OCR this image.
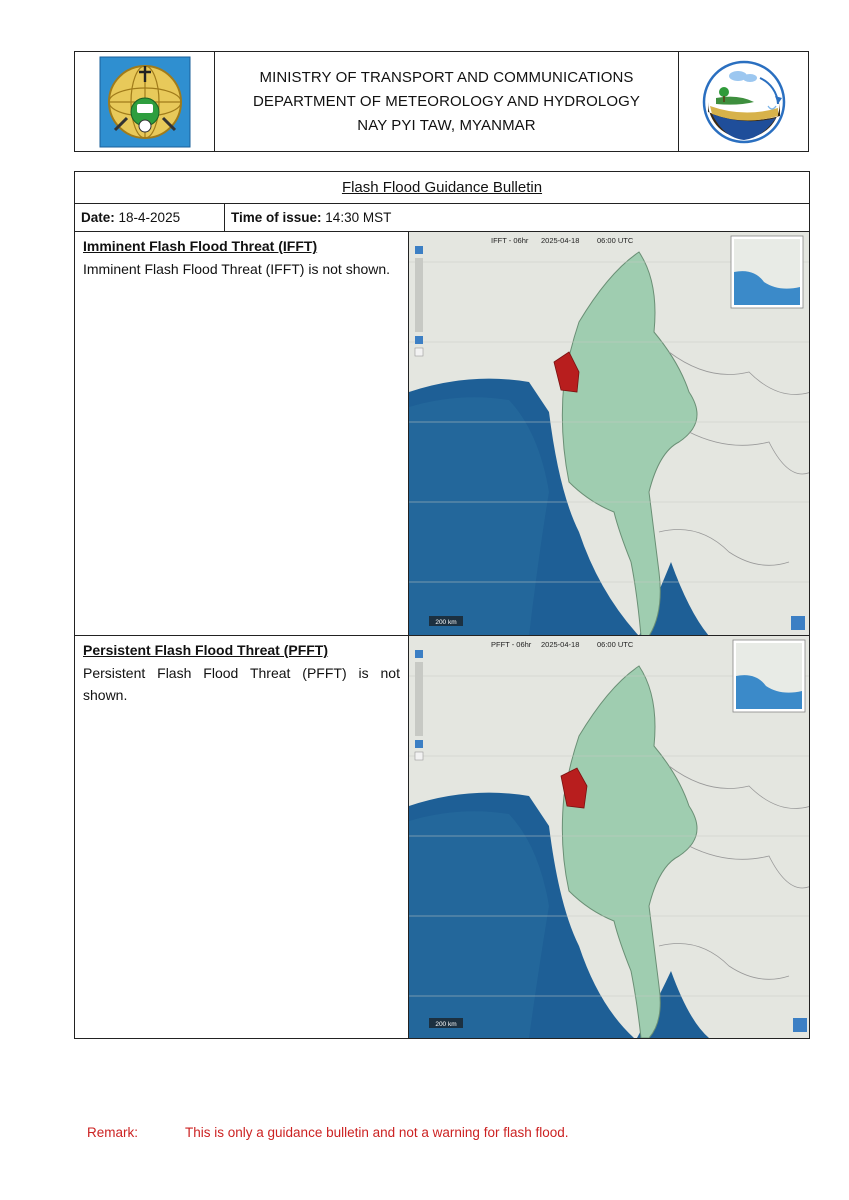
MINISTRY OF TRANSPORT AND COMMUNICATIONS
DEPARTMENT OF METEOROLOGY AND HYDROLOGY
NAY PYI TAW, MYANMAR
Flash Flood Guidance Bulletin
Date:
18-4-2025	Time of issue:
14:30 MST
Imminent Flash Flood Threat (IFFT)
Imminent Flash Flood Threat (IFFT) is not shown.
200 km
IFFT - 06hr 2025-04-18 06:00 UTC
Persistent Flash Flood Threat (PFFT)
Persistent Flash Flood Threat (PFFT) is not shown.
200 km
PFFT - 06hr 2025-04-18 06:00 UTC
Remark:	This is only a guidance bulletin and not a warning for flash flood.
